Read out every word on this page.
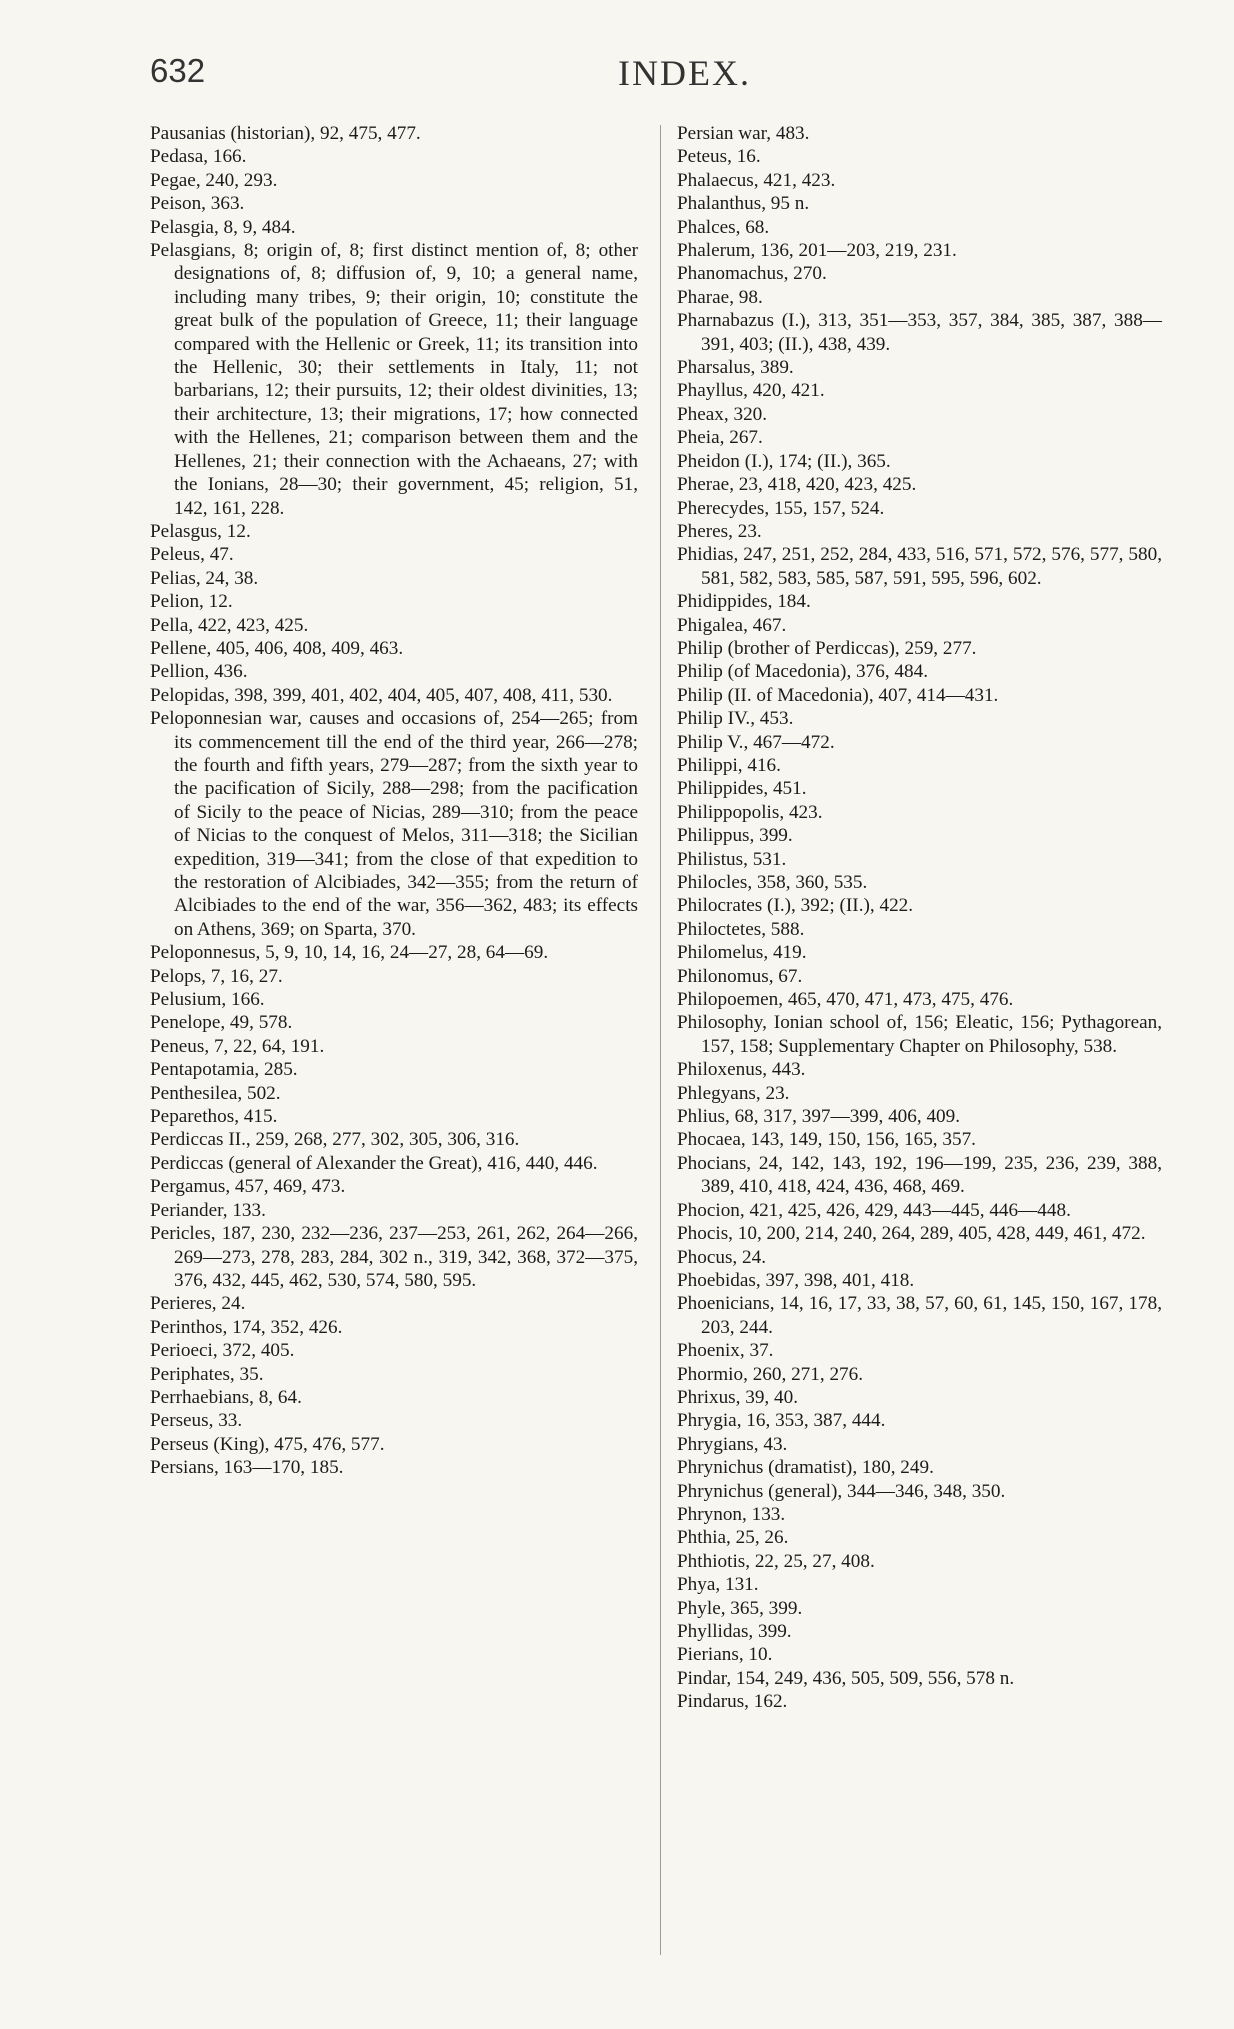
632	INDEX.
Pausanias (historian), 92, 475, 477.
Pedasa, 166.
Pegae, 240, 293.
Peison, 363.
Pelasgia, 8, 9, 484.
Pelasgians, 8; origin of, 8; first distinct mention of, 8; other designations of, 8; diffusion of, 9, 10; a general name, including many tribes, 9; their origin, 10; constitute the great bulk of the population of Greece, 11; their language compared with the Hellenic or Greek, 11; its transition into the Hellenic, 30; their settlements in Italy, 11; not barbarians, 12; their pursuits, 12; their oldest divinities, 13; their architecture, 13; their migrations, 17; how connected with the Hellenes, 21; comparison between them and the Hellenes, 21; their connection with the Achaeans, 27; with the Ionians, 28—30; their government, 45; religion, 51, 142, 161, 228.
Pelasgus, 12.
Peleus, 47.
Pelias, 24, 38.
Pelion, 12.
Pella, 422, 423, 425.
Pellene, 405, 406, 408, 409, 463.
Pellion, 436.
Pelopidas, 398, 399, 401, 402, 404, 405, 407, 408, 411, 530.
Peloponnesian war, causes and occasions of, 254—265; from its commencement till the end of the third year, 266—278; the fourth and fifth years, 279—287; from the sixth year to the pacification of Sicily, 288—298; from the pacification of Sicily to the peace of Nicias, 289—310; from the peace of Nicias to the conquest of Melos, 311—318; the Sicilian expedition, 319—341; from the close of that expedition to the restoration of Alcibiades, 342—355; from the return of Alcibiades to the end of the war, 356—362, 483; its effects on Athens, 369; on Sparta, 370.
Peloponnesus, 5, 9, 10, 14, 16, 24—27, 28, 64—69.
Pelops, 7, 16, 27.
Pelusium, 166.
Penelope, 49, 578.
Peneus, 7, 22, 64, 191.
Pentapotamia, 285.
Penthesilea, 502.
Peparethos, 415.
Perdiccas II., 259, 268, 277, 302, 305, 306, 316.
Perdiccas (general of Alexander the Great), 416, 440, 446.
Pergamus, 457, 469, 473.
Periander, 133.
Pericles, 187, 230, 232—236, 237—253, 261, 262, 264—266, 269—273, 278, 283, 284, 302 n., 319, 342, 368, 372—375, 376, 432, 445, 462, 530, 574, 580, 595.
Perieres, 24.
Perinthos, 174, 352, 426.
Perioeci, 372, 405.
Periphates, 35.
Perrhaebians, 8, 64.
Perseus, 33.
Perseus (King), 475, 476, 577.
Persians, 163—170, 185.
Persian war, 483.
Peteus, 16.
Phalaecus, 421, 423.
Phalanthus, 95 n.
Phalces, 68.
Phalerum, 136, 201—203, 219, 231.
Phanomachus, 270.
Pharae, 98.
Pharnabazus (I.), 313, 351—353, 357, 384, 385, 387, 388—391, 403; (II.), 438, 439.
Pharsalus, 389.
Phayllus, 420, 421.
Pheax, 320.
Pheia, 267.
Pheidon (I.), 174; (II.), 365.
Pherae, 23, 418, 420, 423, 425.
Pherecydes, 155, 157, 524.
Pheres, 23.
Phidias, 247, 251, 252, 284, 433, 516, 571, 572, 576, 577, 580, 581, 582, 583, 585, 587, 591, 595, 596, 602.
Phidippides, 184.
Phigalea, 467.
Philip (brother of Perdiccas), 259, 277.
Philip (of Macedonia), 376, 484.
Philip (II. of Macedonia), 407, 414—431.
Philip IV., 453.
Philip V., 467—472.
Philippi, 416.
Philippides, 451.
Philippopolis, 423.
Philippus, 399.
Philistus, 531.
Philocles, 358, 360, 535.
Philocrates (I.), 392; (II.), 422.
Philoctetes, 588.
Philomelus, 419.
Philonomus, 67.
Philopoemen, 465, 470, 471, 473, 475, 476.
Philosophy, Ionian school of, 156; Eleatic, 156; Pythagorean, 157, 158; Supplementary Chapter on Philosophy, 538.
Philoxenus, 443.
Phlegyans, 23.
Phlius, 68, 317, 397—399, 406, 409.
Phocaea, 143, 149, 150, 156, 165, 357.
Phocians, 24, 142, 143, 192, 196—199, 235, 236, 239, 388, 389, 410, 418, 424, 436, 468, 469.
Phocion, 421, 425, 426, 429, 443—445, 446—448.
Phocis, 10, 200, 214, 240, 264, 289, 405, 428, 449, 461, 472.
Phocus, 24.
Phoebidas, 397, 398, 401, 418.
Phoenicians, 14, 16, 17, 33, 38, 57, 60, 61, 145, 150, 167, 178, 203, 244.
Phoenix, 37.
Phormio, 260, 271, 276.
Phrixus, 39, 40.
Phrygia, 16, 353, 387, 444.
Phrygians, 43.
Phrynichus (dramatist), 180, 249.
Phrynichus (general), 344—346, 348, 350.
Phrynon, 133.
Phthia, 25, 26.
Phthiotis, 22, 25, 27, 408.
Phya, 131.
Phyle, 365, 399.
Phyllidas, 399.
Pierians, 10.
Pindar, 154, 249, 436, 505, 509, 556, 578 n.
Pindarus, 162.
